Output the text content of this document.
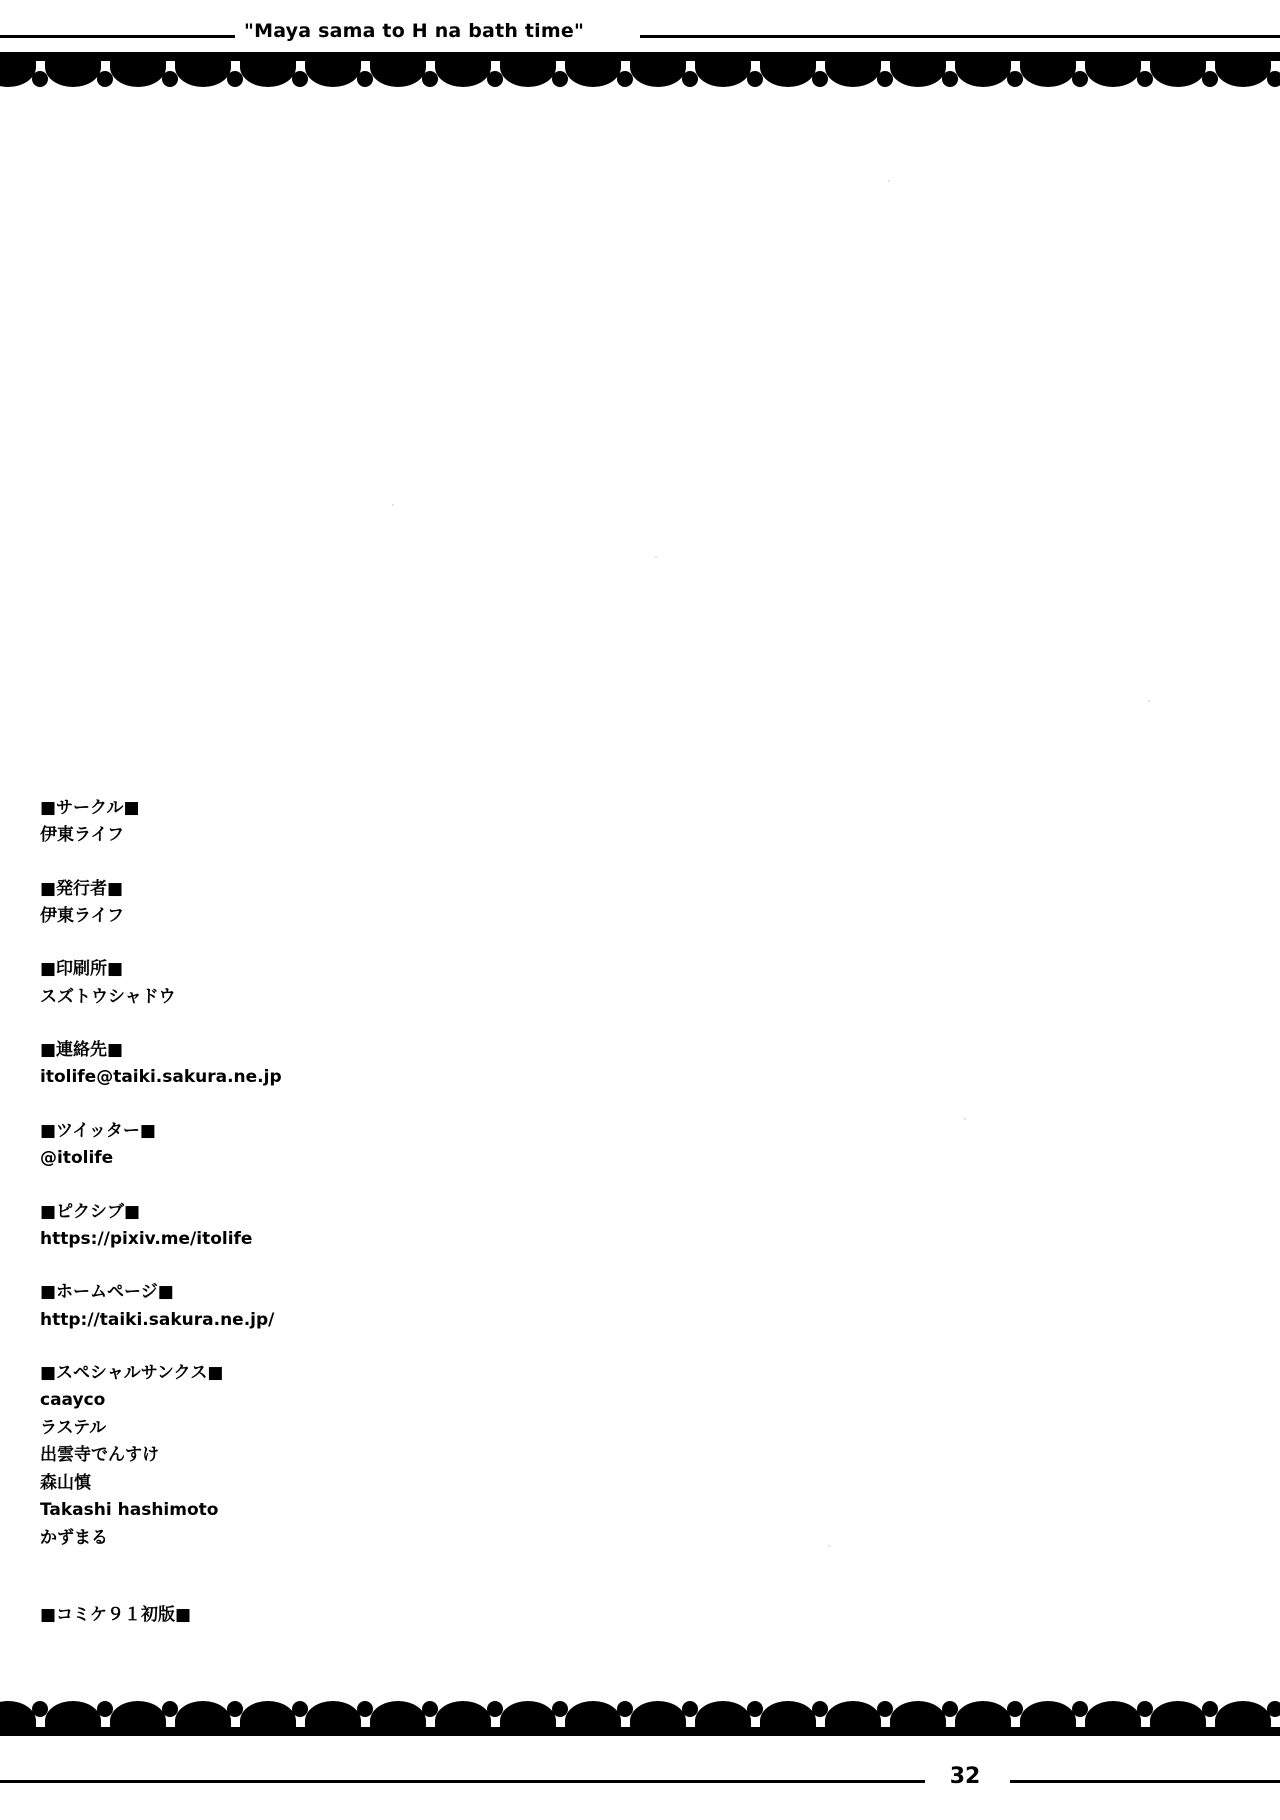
"Maya sama to H na bath time"
■サークル■
伊東ライフ
■発行者■
伊東ライフ
■印刷所■
スズトウシャドウ
■連絡先■
itolife@taiki.sakura.ne.jp
■ツイッター■
@itolife
■ピクシブ■
https://pixiv.me/itolife
■ホームページ■
http://taiki.sakura.ne.jp/
■スペシャルサンクス■
caayco
ラステル
出雲寺でんすけ
森山慎
Takashi hashimoto
かずまる
■コミケ９１初版■
32
